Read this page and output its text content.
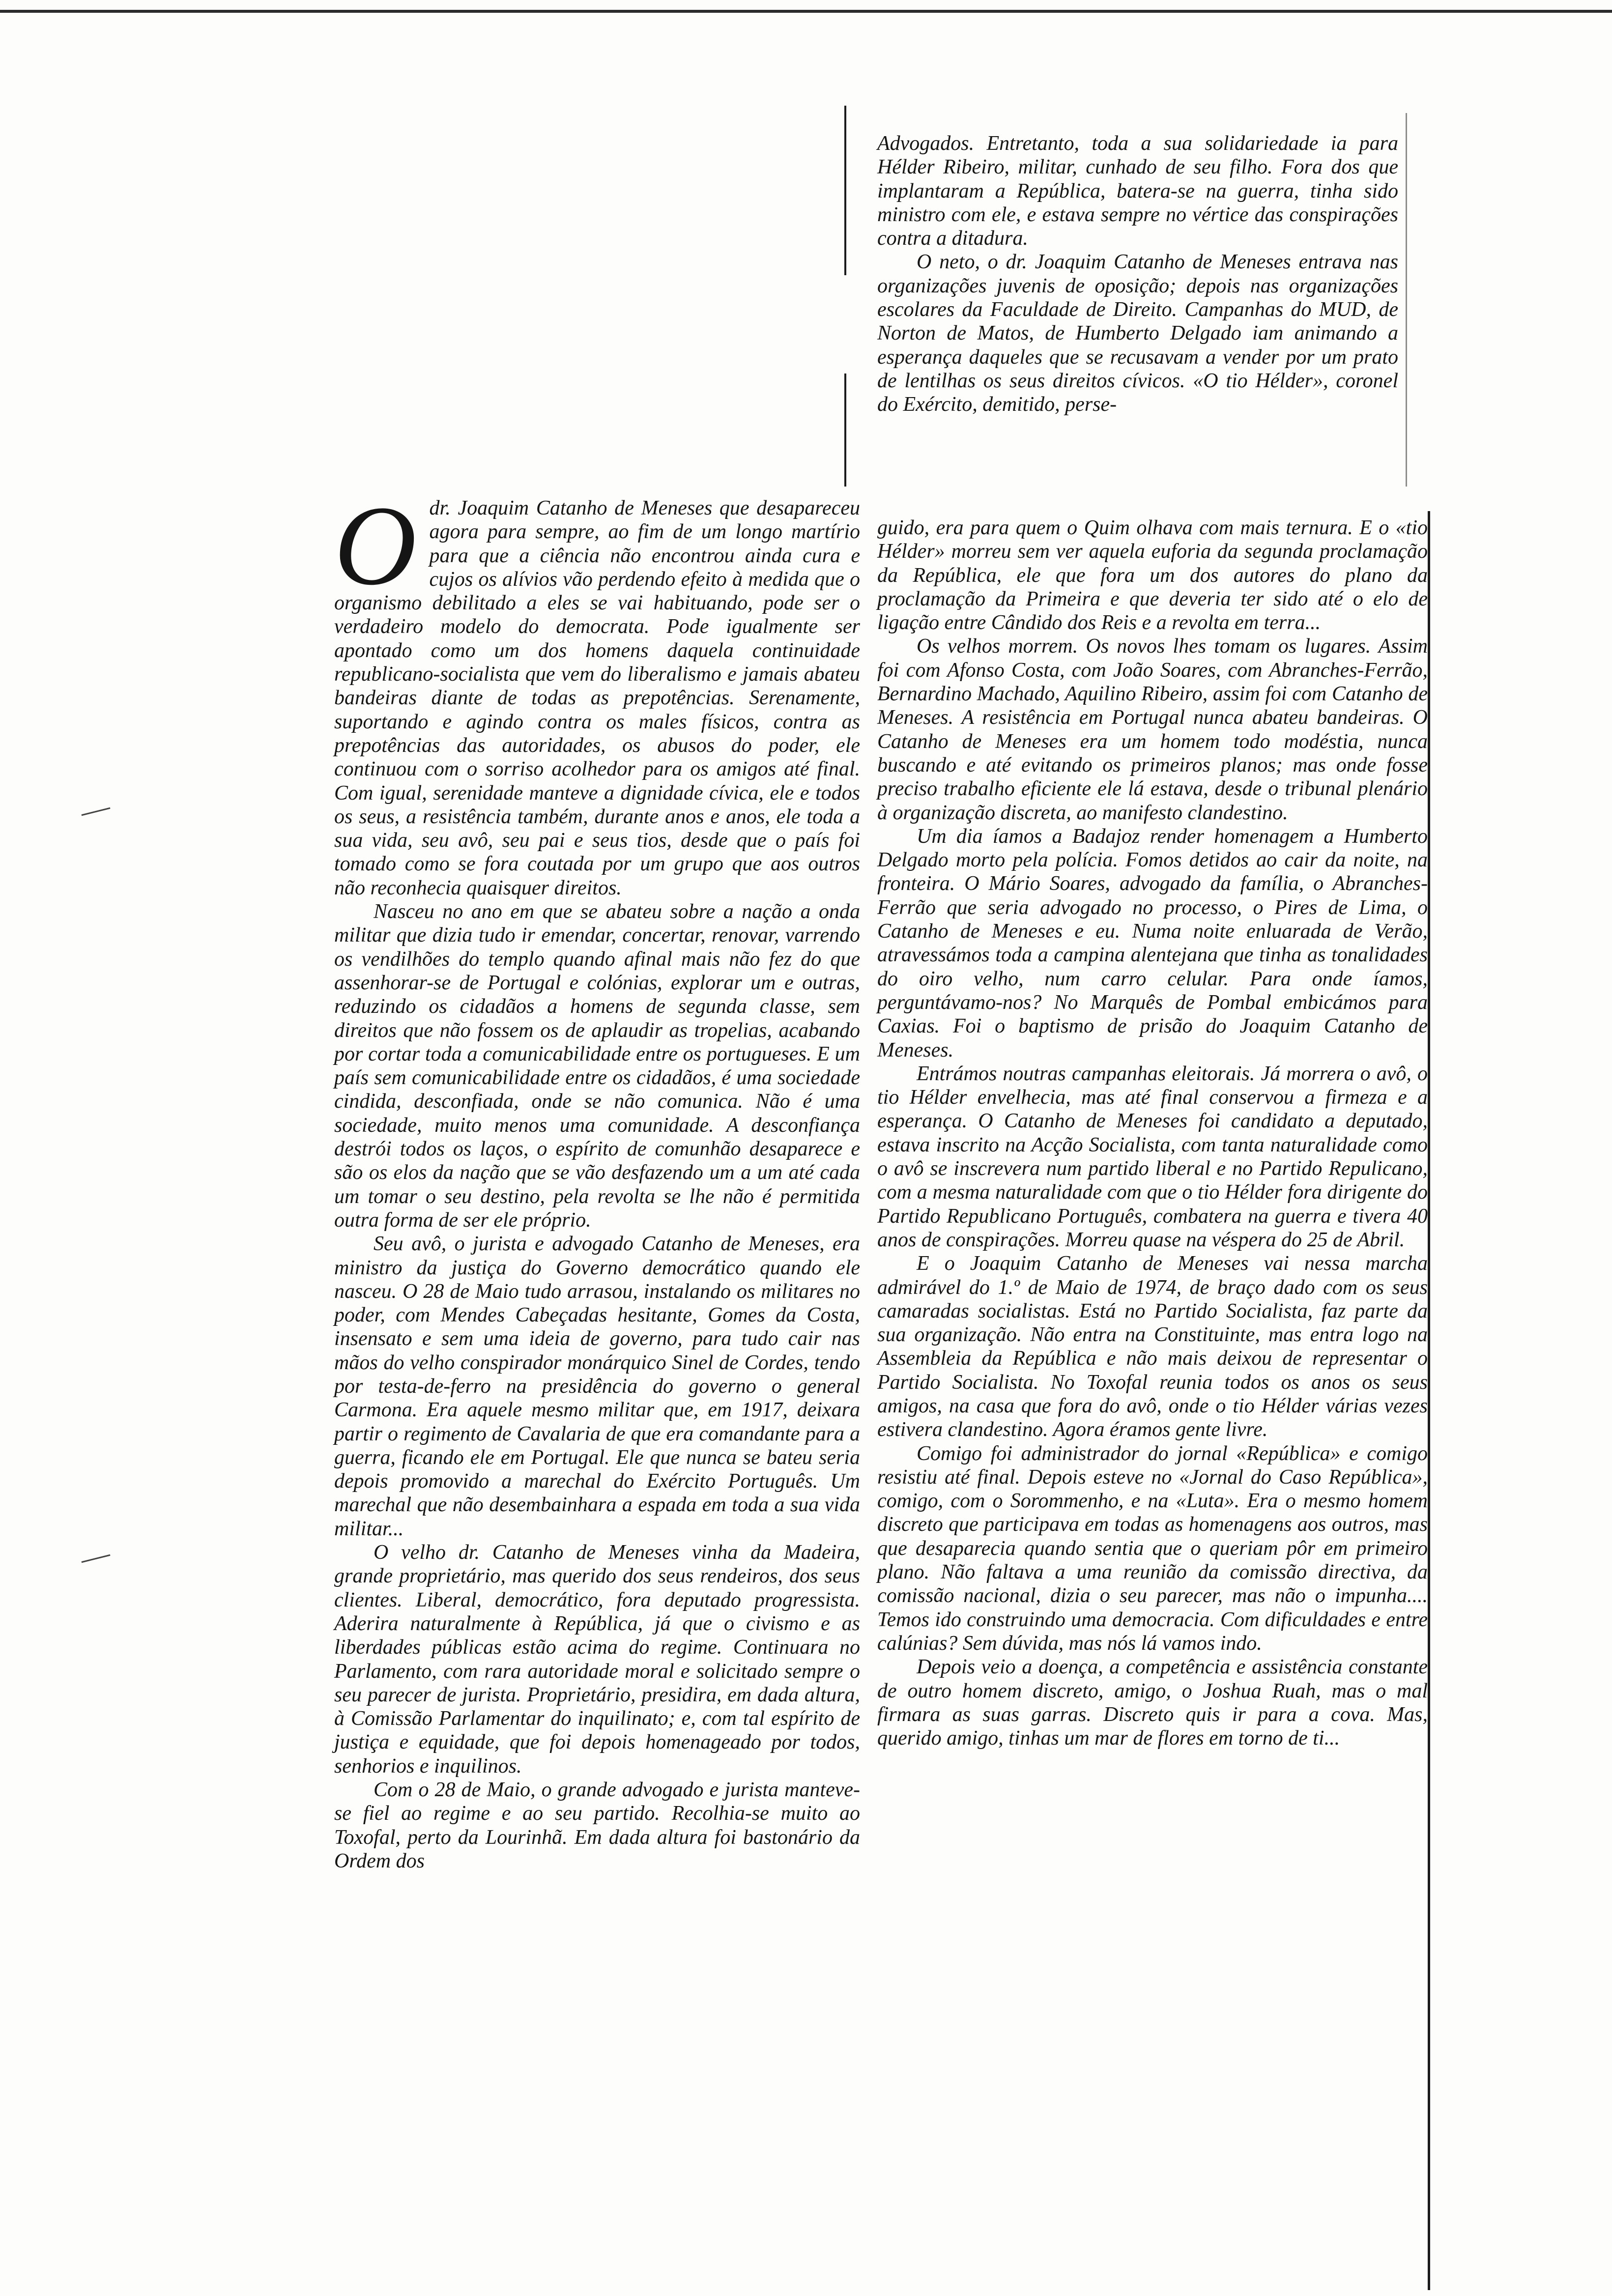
Advogados. Entretanto, toda a sua solidariedade ia para Hélder Ribeiro, militar, cunhado de seu filho. Fora dos que implantaram a República, batera-se na guerra, tinha sido ministro com ele, e estava sempre no vértice das conspirações contra a ditadura.

O neto, o dr. Joaquim Catanho de Meneses entrava nas organizações juvenis de oposição; depois nas organizações escolares da Faculdade de Direito. Campanhas do MUD, de Norton de Matos, de Humberto Delgado iam animando a esperança daqueles que se recusavam a vender por um prato de lentilhas os seus direitos cívicos. «O tio Hélder», coronel do Exército, demitido, perse-

Odr. Joaquim Catanho de Meneses que desapareceu agora para sempre, ao fim de um longo martírio para que a ciência não encontrou ainda cura e cujos os alívios vão perdendo efeito à medida que o organismo debilitado a eles se vai habituando, pode ser o verdadeiro modelo do democrata. Pode igualmente ser apontado como um dos homens daquela continuidade republicano-socialista que vem do liberalismo e jamais abateu bandeiras diante de todas as prepotências. Serenamente, suportando e agindo contra os males físicos, contra as prepotências das autoridades, os abusos do poder, ele continuou com o sorriso acolhedor para os amigos até final. Com igual, serenidade manteve a dignidade cívica, ele e todos os seus, a resistência também, durante anos e anos, ele toda a sua vida, seu avô, seu pai e seus tios, desde que o país foi tomado como se fora coutada por um grupo que aos outros não reconhecia quaisquer direitos.

Nasceu no ano em que se abateu sobre a nação a onda militar que dizia tudo ir emendar, concertar, renovar, varrendo os vendilhões do templo quando afinal mais não fez do que assenhorar-se de Portugal e colónias, explorar um e outras, reduzindo os cidadãos a homens de segunda classe, sem direitos que não fossem os de aplaudir as tropelias, acabando por cortar toda a comunicabilidade entre os portugueses. E um país sem comunicabilidade entre os cidadãos, é uma sociedade cindida, desconfiada, onde se não comunica. Não é uma sociedade, muito menos uma comunidade. A desconfiança destrói todos os laços, o espírito de comunhão desaparece e são os elos da nação que se vão desfazendo um a um até cada um tomar o seu destino, pela revolta se lhe não é permitida outra forma de ser ele próprio.

Seu avô, o jurista e advogado Catanho de Meneses, era ministro da justiça do Governo democrático quando ele nasceu. O 28 de Maio tudo arrasou, instalando os militares no poder, com Mendes Cabeçadas hesitante, Gomes da Costa, insensato e sem uma ideia de governo, para tudo cair nas mãos do velho conspirador monárquico Sinel de Cordes, tendo por testa-de-ferro na presidência do governo o general Carmona. Era aquele mesmo militar que, em 1917, deixara partir o regimento de Cavalaria de que era comandante para a guerra, ficando ele em Portugal. Ele que nunca se bateu seria depois promovido a marechal do Exército Português. Um marechal que não desembainhara a espada em toda a sua vida militar...

O velho dr. Catanho de Meneses vinha da Madeira, grande proprietário, mas querido dos seus rendeiros, dos seus clientes. Liberal, democrático, fora deputado progressista. Aderira naturalmente à República, já que o civismo e as liberdades públicas estão acima do regime. Continuara no Parlamento, com rara autoridade moral e solicitado sempre o seu parecer de jurista. Proprietário, presidira, em dada altura, à Comissão Parlamentar do inquilinato; e, com tal espírito de justiça e equidade, que foi depois homenageado por todos, senhorios e inquilinos.

Com o 28 de Maio, o grande advogado e jurista manteve-se fiel ao regime e ao seu partido. Recolhia-se muito ao Toxofal, perto da Lourinhã. Em dada altura foi bastonário da Ordem dos

guido, era para quem o Quim olhava com mais ternura. E o «tio Hélder» morreu sem ver aquela euforia da segunda proclamação da República, ele que fora um dos autores do plano da proclamação da Primeira e que deveria ter sido até o elo de ligação entre Cândido dos Reis e a revolta em terra...

Os velhos morrem. Os novos lhes tomam os lugares. Assim foi com Afonso Costa, com João Soares, com Abranches-Ferrão, Bernardino Machado, Aquilino Ribeiro, assim foi com Catanho de Meneses. A resistência em Portugal nunca abateu bandeiras. O Catanho de Meneses era um homem todo modéstia, nunca buscando e até evitando os primeiros planos; mas onde fosse preciso trabalho eficiente ele lá estava, desde o tribunal plenário à organização discreta, ao manifesto clandestino.

Um dia íamos a Badajoz render homenagem a Humberto Delgado morto pela polícia. Fomos detidos ao cair da noite, na fronteira. O Mário Soares, advogado da família, o Abranches-Ferrão que seria advogado no processo, o Pires de Lima, o Catanho de Meneses e eu. Numa noite enluarada de Verão, atravessámos toda a campina alentejana que tinha as tonalidades do oiro velho, num carro celular. Para onde íamos, perguntávamo-nos? No Marquês de Pombal embicámos para Caxias. Foi o baptismo de prisão do Joaquim Catanho de Meneses.

Entrámos noutras campanhas eleitorais. Já morrera o avô, o tio Hélder envelhecia, mas até final conservou a firmeza e a esperança. O Catanho de Meneses foi candidato a deputado, estava inscrito na Acção Socialista, com tanta naturalidade como o avô se inscrevera num partido liberal e no Partido Repulicano, com a mesma naturalidade com que o tio Hélder fora dirigente do Partido Republicano Português, combatera na guerra e tivera 40 anos de conspirações. Morreu quase na véspera do 25 de Abril.

E o Joaquim Catanho de Meneses vai nessa marcha admirável do 1.º de Maio de 1974, de braço dado com os seus camaradas socialistas. Está no Partido Socialista, faz parte da sua organização. Não entra na Constituinte, mas entra logo na Assembleia da República e não mais deixou de representar o Partido Socialista. No Toxofal reunia todos os anos os seus amigos, na casa que fora do avô, onde o tio Hélder várias vezes estivera clandestino. Agora éramos gente livre.

Comigo foi administrador do jornal «República» e comigo resistiu até final. Depois esteve no «Jornal do Caso República», comigo, com o Sorommenho, e na «Luta». Era o mesmo homem discreto que participava em todas as homenagens aos outros, mas que desaparecia quando sentia que o queriam pôr em primeiro plano. Não faltava a uma reunião da comissão directiva, da comissão nacional, dizia o seu parecer, mas não o impunha.... Temos ido construindo uma democracia. Com dificuldades e entre calúnias? Sem dúvida, mas nós lá vamos indo.

Depois veio a doença, a competência e assistência constante de outro homem discreto, amigo, o Joshua Ruah, mas o mal firmara as suas garras. Discreto quis ir para a cova. Mas, querido amigo, tinhas um mar de flores em torno de ti...
